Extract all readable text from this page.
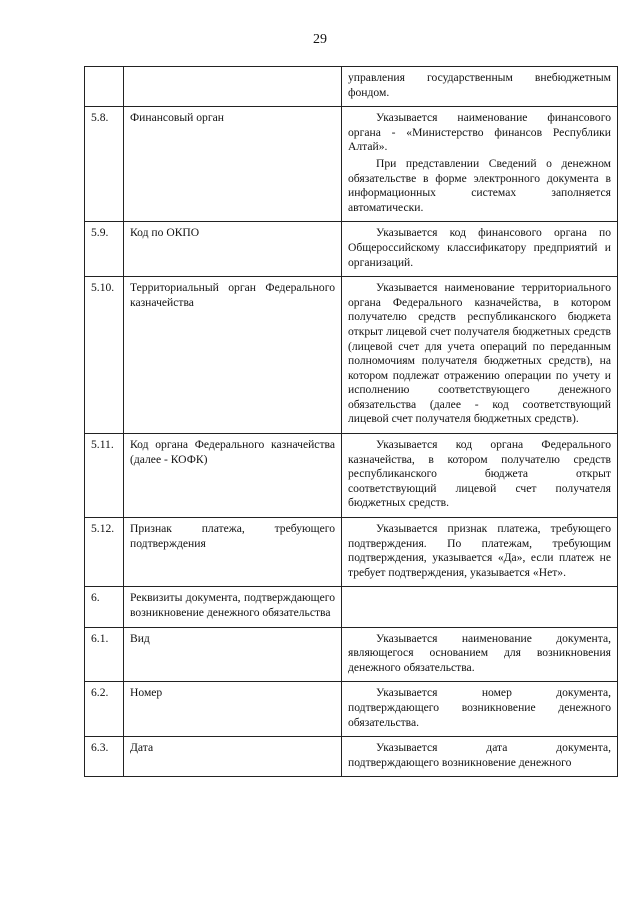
29

		управления государственным внебюджетным фондом.

5.8.	Финансовый орган	Указывается наименование финансового органа - «Министерство финансов Республики Алтай».

При представлении Сведений о денежном обязательстве в форме электронного документа в информационных системах заполняется автоматически.

5.9.	Код по ОКПО	Указывается код финансового органа по Общероссийскому классификатору предприятий и организаций.

5.10.	Территориальный орган Федерального казначейства	Указывается наименование территориального органа Федерального казначейства, в котором получателю средств республиканского бюджета открыт лицевой счет получателя бюджетных средств (лицевой счет для учета операций по переданным полномочиям получателя бюджетных средств), на котором подлежат отражению операции по учету и исполнению соответствующего денежного обязательства (далее - код соответствующий лицевой счет получателя бюджетных средств).

5.11.	Код органа Федерального казначейства (далее - КОФК)	Указывается код органа Федерального казначейства, в котором получателю средств республиканского бюджета открыт соответствующий лицевой счет получателя бюджетных средств.

5.12.	Признак платежа, требующего подтверждения	Указывается признак платежа, требующего подтверждения. По платежам, требующим подтверждения, указывается «Да», если платеж не требует подтверждения, указывается «Нет».

6.	Реквизиты документа, подтверждающего возникновение денежного обязательства	
6.1.	Вид	Указывается наименование документа, являющегося основанием для возникновения денежного обязательства.

6.2.	Номер	Указывается номер документа, подтверждающего возникновение денежного обязательства.

6.3.	Дата	Указывается дата документа, подтверждающего возникновение денежного
